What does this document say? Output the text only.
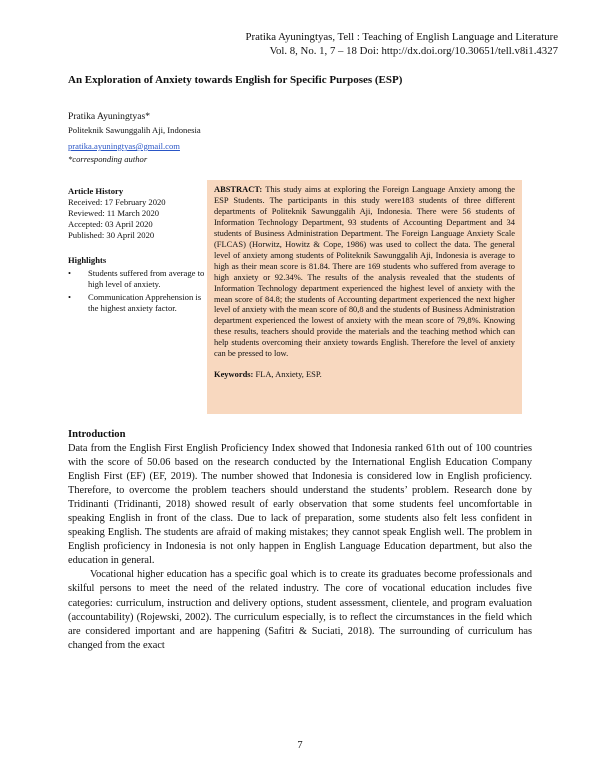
Pratika Ayuningtyas, Tell : Teaching of English Language and Literature
Vol. 8, No. 1, 7 – 18 Doi: http://dx.doi.org/10.30651/tell.v8i1.4327
An Exploration of Anxiety towards English for Specific Purposes (ESP)
Pratika Ayuningtyas*
Politeknik Sawunggalih Aji, Indonesia
pratika.ayuningtyas@gmail.com
*corresponding author
Article History
Received: 17 February 2020
Reviewed: 11 March 2020
Accepted: 03 April 2020
Published: 30 April 2020
Highlights
• Students suffered from average to high level of anxiety.
• Communication Apprehension is the highest anxiety factor.
ABSTRACT: This study aims at exploring the Foreign Language Anxiety among the ESP Students. The participants in this study were183 students of three different departments of Politeknik Sawunggalih Aji, Indonesia. There were 56 students of Information Technology Department, 93 students of Accounting Department and 34 students of Business Administration Department. The Foreign Language Anxiety Scale (FLCAS) (Horwitz, Howitz & Cope, 1986) was used to collect the data. The general level of anxiety among students of Politeknik Sawunggalih Aji, Indonesia is average to high as their mean score is 81.84. There are 169 students who suffered from average to high anxiety or 92.34%. The results of the analysis revealed that the students of Information Technology department experienced the highest level of anxiety with the mean score of 84.8; the students of Accounting department experienced the next higher level of anxiety with the mean score of 80,8 and the students of Business Administration department experienced the lowest of anxiety with the mean score of 79,8%. Knowing these results, teachers should provide the materials and the teaching method which can help students overcoming their anxiety towards English. Therefore the level of anxiety can be pressed to low.
Keywords: FLA, Anxiety, ESP.
Introduction

Data from the English First English Proficiency Index showed that Indonesia ranked 61th out of 100 countries with the score of 50.06 based on the research conducted by the International English Education Company English First (EF) (EF, 2019). The number showed that Indonesia is considered low in English proficiency. Therefore, to overcome the problem teachers should understand the students’ problem. Research done by Tridinanti (Tridinanti, 2018) showed result of early observation that some students feel uncomfortable in speaking English in front of the class. Due to lack of preparation, some students also felt less confident in speaking English. The students are afraid of making mistakes; they cannot speak English well. The problem in English proficiency in Indonesia is not only happen in English Language Education department, but also the education in general.

Vocational higher education has a specific goal which is to create its graduates become professionals and skilful persons to meet the need of the related industry. The core of vocational education includes five categories: curriculum, instruction and delivery options, student assessment, clientele, and program evaluation (accountability) (Rojewski, 2002). The curriculum especially, is to reflect the circumstances in the field which are considered important and are happening (Safitri & Suciati, 2018). The surrounding of curriculum has changed from the exact

7
